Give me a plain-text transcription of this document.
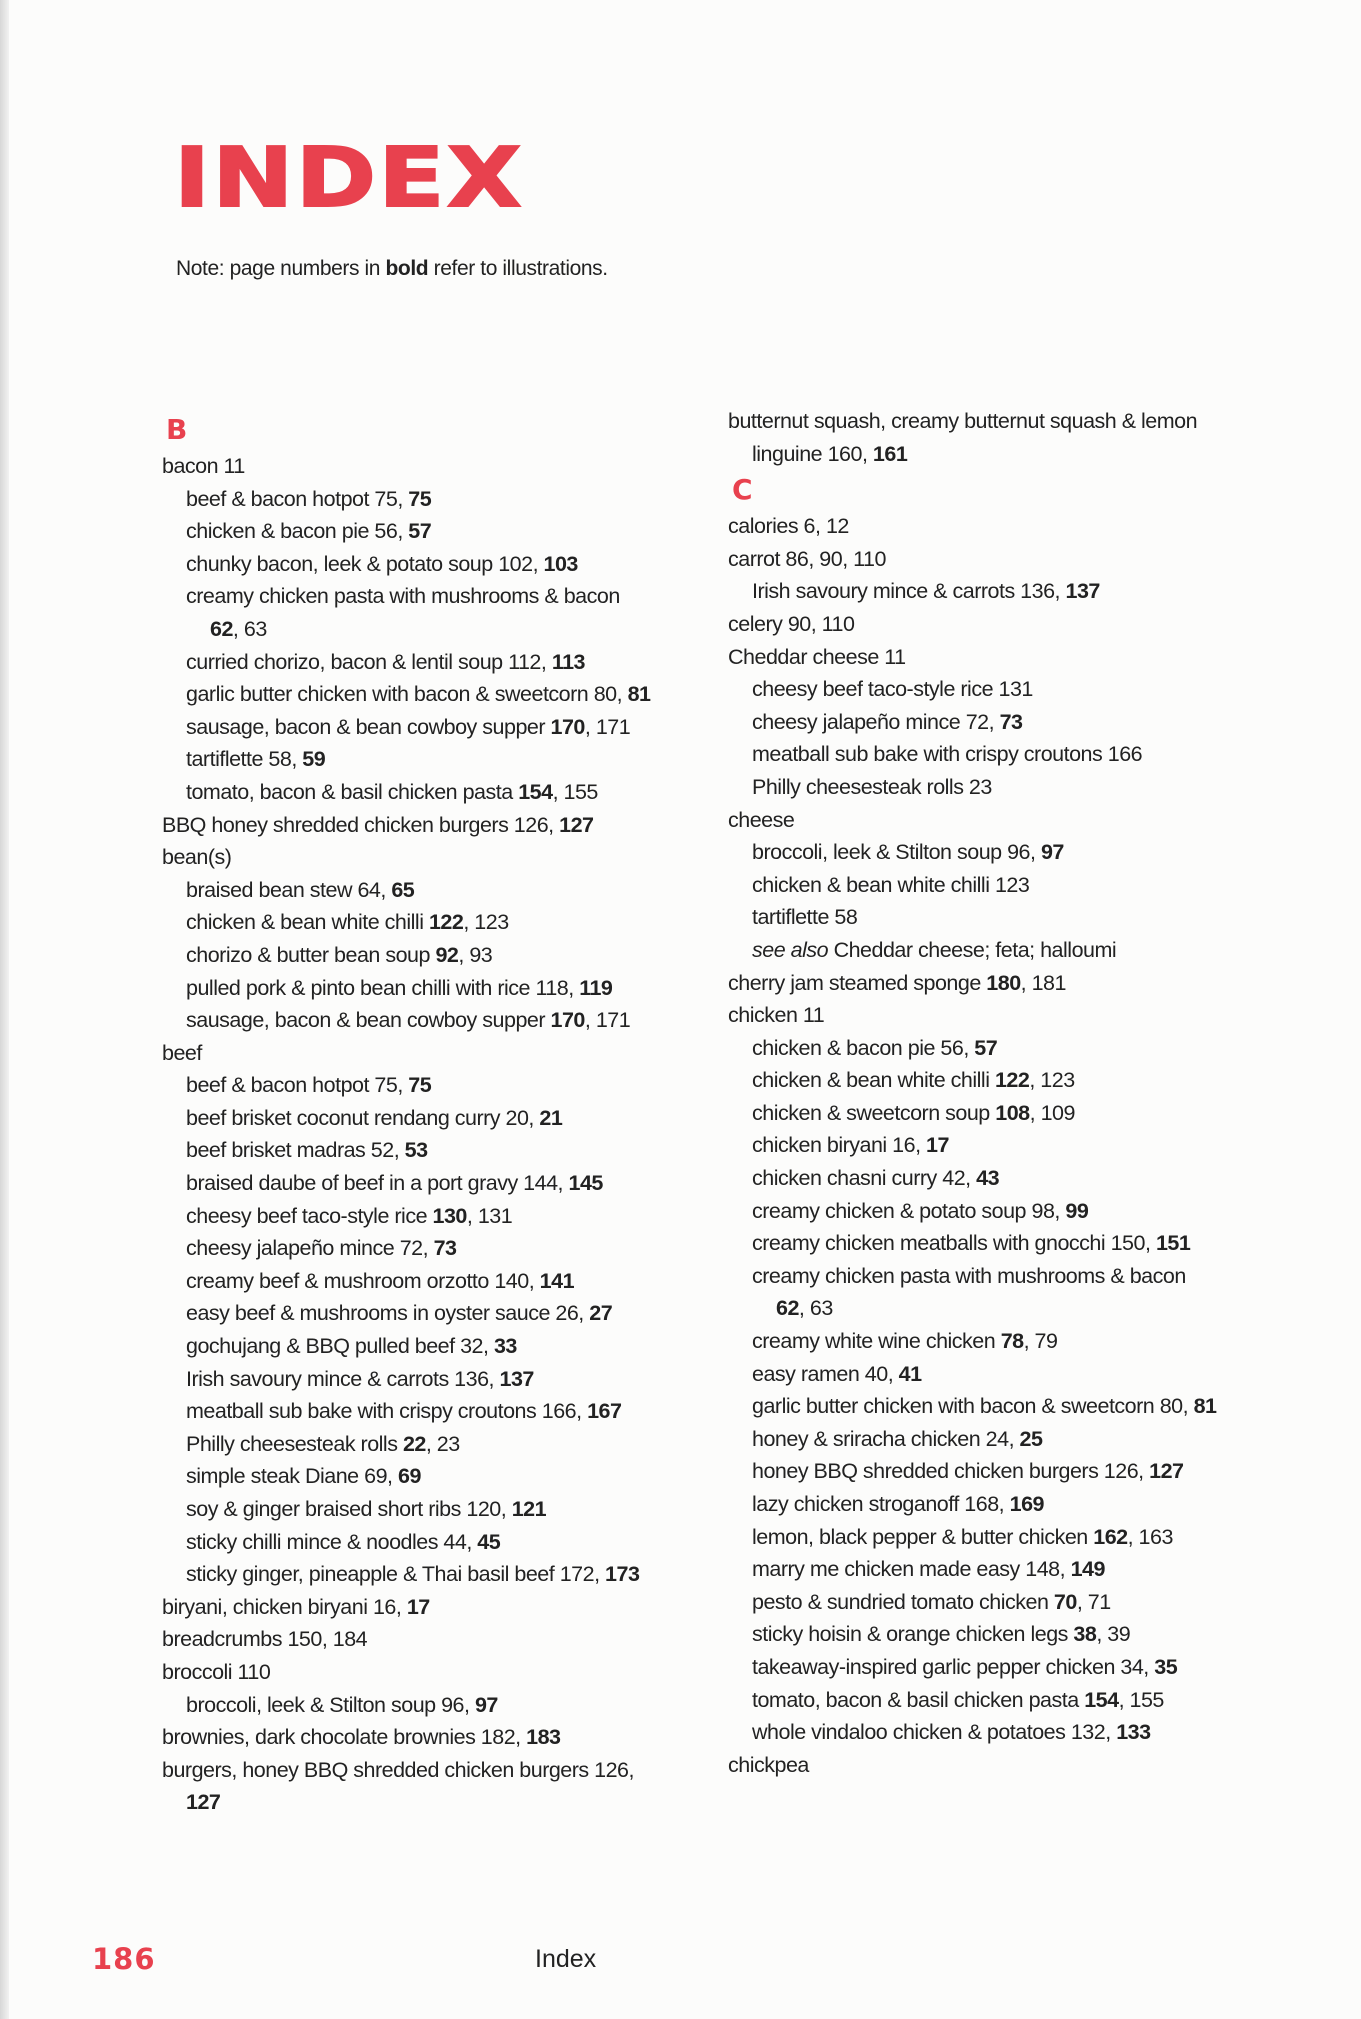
INDEX
Note: page numbers in bold refer to illustrations.
B
bacon 11
beef & bacon hotpot 75, 75
chicken & bacon pie 56, 57
chunky bacon, leek & potato soup 102, 103
creamy chicken pasta with mushrooms & bacon
62, 63
curried chorizo, bacon & lentil soup 112, 113
garlic butter chicken with bacon & sweetcorn 80, 81
sausage, bacon & bean cowboy supper 170, 171
tartiflette 58, 59
tomato, bacon & basil chicken pasta 154, 155
BBQ honey shredded chicken burgers 126, 127
bean(s)
braised bean stew 64, 65
chicken & bean white chilli 122, 123
chorizo & butter bean soup 92, 93
pulled pork & pinto bean chilli with rice 118, 119
sausage, bacon & bean cowboy supper 170, 171
beef
beef & bacon hotpot 75, 75
beef brisket coconut rendang curry 20, 21
beef brisket madras 52, 53
braised daube of beef in a port gravy 144, 145
cheesy beef taco-style rice 130, 131
cheesy jalapeño mince 72, 73
creamy beef & mushroom orzotto 140, 141
easy beef & mushrooms in oyster sauce 26, 27
gochujang & BBQ pulled beef 32, 33
Irish savoury mince & carrots 136, 137
meatball sub bake with crispy croutons 166, 167
Philly cheesesteak rolls 22, 23
simple steak Diane 69, 69
soy & ginger braised short ribs 120, 121
sticky chilli mince & noodles 44, 45
sticky ginger, pineapple & Thai basil beef 172, 173
biryani, chicken biryani 16, 17
breadcrumbs 150, 184
broccoli 110
broccoli, leek & Stilton soup 96, 97
brownies, dark chocolate brownies 182, 183
burgers, honey BBQ shredded chicken burgers 126,
127
butternut squash, creamy butternut squash & lemon
linguine 160, 161
C
calories 6, 12
carrot 86, 90, 110
Irish savoury mince & carrots 136, 137
celery 90, 110
Cheddar cheese 11
cheesy beef taco-style rice 131
cheesy jalapeño mince 72, 73
meatball sub bake with crispy croutons 166
Philly cheesesteak rolls 23
cheese
broccoli, leek & Stilton soup 96, 97
chicken & bean white chilli 123
tartiflette 58
see also Cheddar cheese; feta; halloumi
cherry jam steamed sponge 180, 181
chicken 11
chicken & bacon pie 56, 57
chicken & bean white chilli 122, 123
chicken & sweetcorn soup 108, 109
chicken biryani 16, 17
chicken chasni curry 42, 43
creamy chicken & potato soup 98, 99
creamy chicken meatballs with gnocchi 150, 151
creamy chicken pasta with mushrooms & bacon
62, 63
creamy white wine chicken 78, 79
easy ramen 40, 41
garlic butter chicken with bacon & sweetcorn 80, 81
honey & sriracha chicken 24, 25
honey BBQ shredded chicken burgers 126, 127
lazy chicken stroganoff 168, 169
lemon, black pepper & butter chicken 162, 163
marry me chicken made easy 148, 149
pesto & sundried tomato chicken 70, 71
sticky hoisin & orange chicken legs 38, 39
takeaway-inspired garlic pepper chicken 34, 35
tomato, bacon & basil chicken pasta 154, 155
whole vindaloo chicken & potatoes 132, 133
chickpea
186	Index
